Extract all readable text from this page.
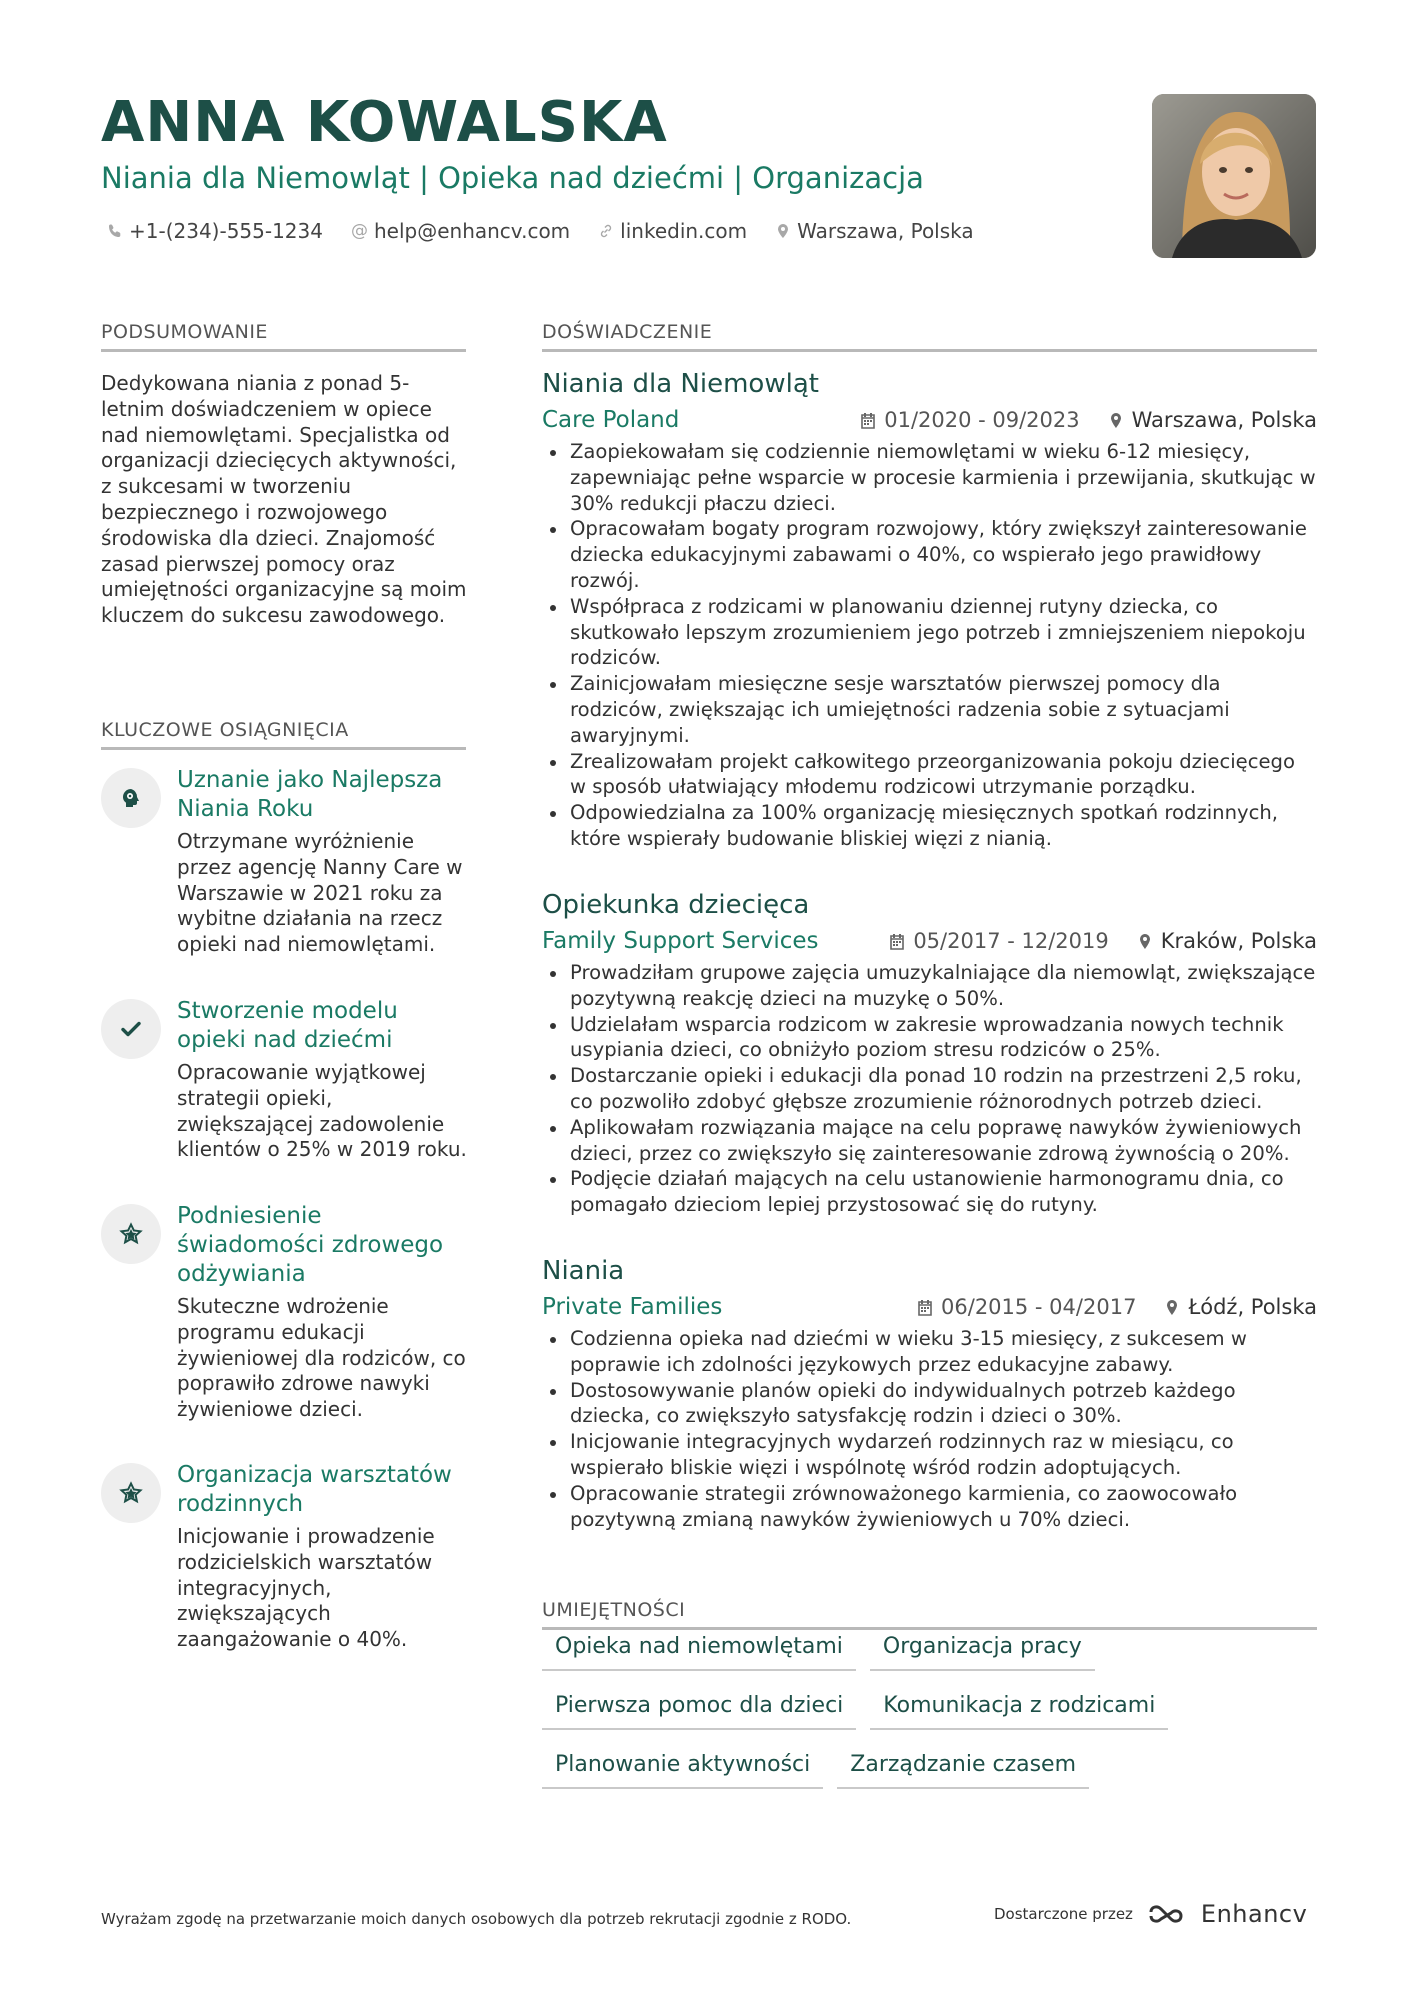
ANNA KOWALSKA

Niania dla Niemowląt | Opieka nad dziećmi | Organizacja

+1-(234)-555-1234 @ help@enhancv.com	linkedin.com	Warszawa, Polska
PODSUMOWANIE

Dedykowana niania z ponad 5-letnim doświadczeniem w opiece nad niemowlętami. Specjalistka od organizacji dziecięcych aktywności, z sukcesami w tworzeniu bezpiecznego i rozwojowego środowiska dla dzieci. Znajomość zasad pierwszej pomocy oraz umiejętności organizacyjne są moim kluczem do sukcesu zawodowego.

KLUCZOWE OSIĄGNIĘCIA

Uznanie jako Najlepsza Niania Roku

Otrzymane wyróżnienie przez agencję Nanny Care w Warszawie w 2021 roku za wybitne działania na rzecz opieki nad niemowlętami.

Stworzenie modelu opieki nad dziećmi

Opracowanie wyjątkowej strategii opieki, zwiększającej zadowolenie klientów o 25% w 2019 roku.

Podniesienie świadomości zdrowego odżywiania

Skuteczne wdrożenie programu edukacji żywieniowej dla rodziców, co poprawiło zdrowe nawyki żywieniowe dzieci.

Organizacja warsztatów rodzinnych

Inicjowanie i prowadzenie rodzicielskich warsztatów integracyjnych, zwiększających zaangażowanie o 40%.

DOŚWIADCZENIE

Niania dla Niemowląt

Care Poland	01/2020 - 09/2023 Warszawa, Polska
Zaopiekowałam się codziennie niemowlętami w wieku 6-12 miesięcy, zapewniając pełne wsparcie w procesie karmienia i przewijania, skutkując w 30% redukcji płaczu dzieci.
Opracowałam bogaty program rozwojowy, który zwiększył zainteresowanie dziecka edukacyjnymi zabawami o 40%, co wspierało jego prawidłowy rozwój.
Współpraca z rodzicami w planowaniu dziennej rutyny dziecka, co skutkowało lepszym zrozumieniem jego potrzeb i zmniejszeniem niepokoju rodziców.
Zainicjowałam miesięczne sesje warsztatów pierwszej pomocy dla rodziców, zwiększając ich umiejętności radzenia sobie z sytuacjami awaryjnymi.
Zrealizowałam projekt całkowitego przeorganizowania pokoju dziecięcego w sposób ułatwiający młodemu rodzicowi utrzymanie porządku.
Odpowiedzialna za 100% organizację miesięcznych spotkań rodzinnych, które wspierały budowanie bliskiej więzi z nianią.

Opiekunka dziecięca

Family Support Services	05/2017 - 12/2019 Kraków, Polska
Prowadziłam grupowe zajęcia umuzykalniające dla niemowląt, zwiększające pozytywną reakcję dzieci na muzykę o 50%.
Udzielałam wsparcia rodzicom w zakresie wprowadzania nowych technik usypiania dzieci, co obniżyło poziom stresu rodziców o 25%.
Dostarczanie opieki i edukacji dla ponad 10 rodzin na przestrzeni 2,5 roku, co pozwoliło zdobyć głębsze zrozumienie różnorodnych potrzeb dzieci.
Aplikowałam rozwiązania mające na celu poprawę nawyków żywieniowych dzieci, przez co zwiększyło się zainteresowanie zdrową żywnością o 20%.
Podjęcie działań mających na celu ustanowienie harmonogramu dnia, co pomagało dzieciom lepiej przystosować się do rutyny.

Niania

Private Families	06/2015 - 04/2017 Łódź, Polska
Codzienna opieka nad dziećmi w wieku 3-15 miesięcy, z sukcesem w poprawie ich zdolności językowych przez edukacyjne zabawy.
Dostosowywanie planów opieki do indywidualnych potrzeb każdego dziecka, co zwiększyło satysfakcję rodzin i dzieci o 30%.
Inicjowanie integracyjnych wydarzeń rodzinnych raz w miesiącu, co wspierało bliskie więzi i wspólnotę wśród rodzin adoptujących.
Opracowanie strategii zrównoważonego karmienia, co zaowocowało pozytywną zmianą nawyków żywieniowych u 70% dzieci.
UMIEJĘTNOŚCI
Opieka nad niemowlętami	Organizacja pracy
Pierwsza pomoc dla dzieci	Komunikacja z rodzicami
Planowanie aktywności	Zarządzanie czasem
Wyrażam zgodę na przetwarzanie moich danych osobowych dla potrzeb rekrutacji zgodnie z RODO.	Dostarczone przez	Enhancv
